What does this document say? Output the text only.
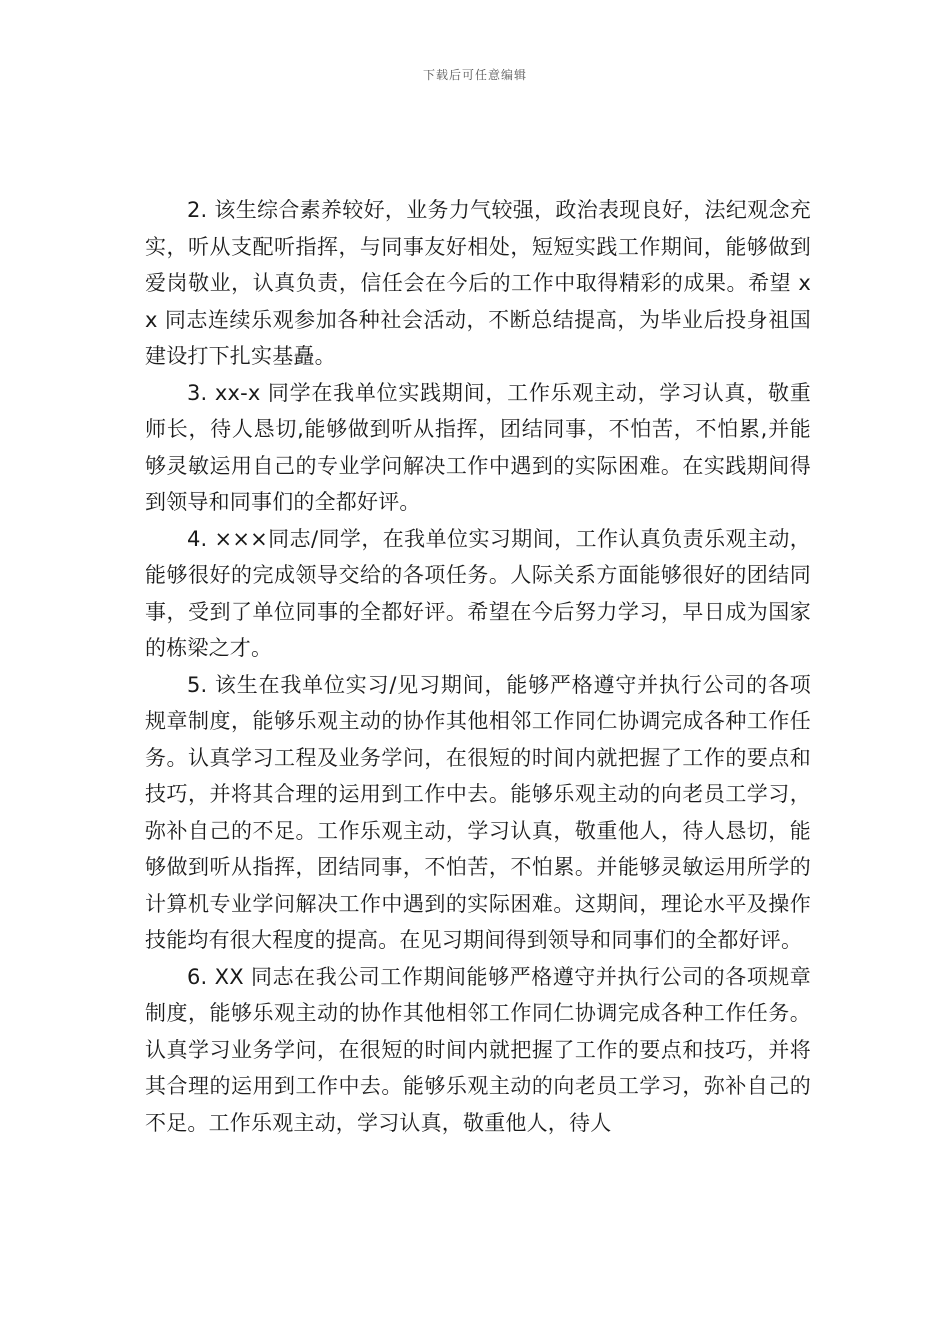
下载后可任意编辑

2. 该生综合素养较好，业务力气较强，政治表现良好，法纪观念充实，听从支配听指挥，与同事友好相处，短短实践工作期间，能够做到爱岗敬业，认真负责，信任会在今后的工作中取得精彩的成果。希望 xx 同志连续乐观参加各种社会活动，不断总结提高，为毕业后投身祖国建设打下扎实基矗。

3. xx-x 同学在我单位实践期间，工作乐观主动，学习认真，敬重师长，待人恳切,能够做到听从指挥，团结同事，不怕苦，不怕累,并能够灵敏运用自己的专业学问解决工作中遇到的实际困难。在实践期间得到领导和同事们的全都好评。

4. ×××同志/同学，在我单位实习期间，工作认真负责乐观主动，能够很好的完成领导交给的各项任务。人际关系方面能够很好的团结同事，受到了单位同事的全都好评。希望在今后努力学习，早日成为国家的栋梁之才。

5. 该生在我单位实习/见习期间，能够严格遵守并执行公司的各项规章制度，能够乐观主动的协作其他相邻工作同仁协调完成各种工作任务。认真学习工程及业务学问，在很短的时间内就把握了工作的要点和技巧，并将其合理的运用到工作中去。能够乐观主动的向老员工学习，弥补自己的不足。工作乐观主动，学习认真，敬重他人，待人恳切，能够做到听从指挥，团结同事，不怕苦，不怕累。并能够灵敏运用所学的计算机专业学问解决工作中遇到的实际困难。这期间，理论水平及操作技能均有很大程度的提高。在见习期间得到领导和同事们的全都好评。

6. XX 同志在我公司工作期间能够严格遵守并执行公司的各项规章制度，能够乐观主动的协作其他相邻工作同仁协调完成各种工作任务。认真学习业务学问，在很短的时间内就把握了工作的要点和技巧，并将其合理的运用到工作中去。能够乐观主动的向老员工学习，弥补自己的不足。工作乐观主动，学习认真，敬重他人，待人
